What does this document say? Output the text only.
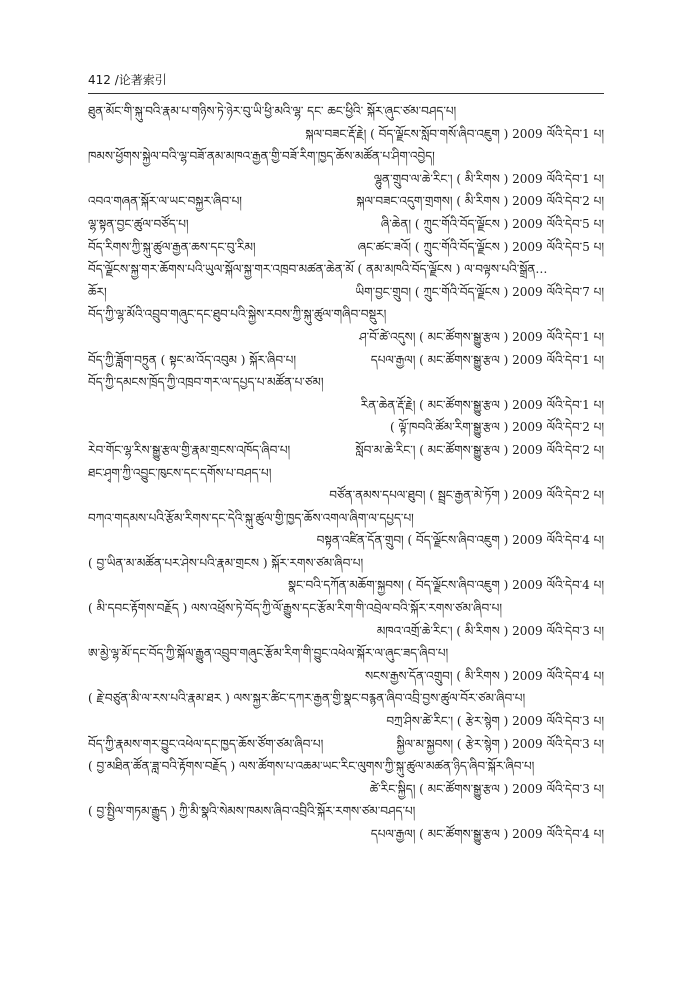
412 /论著索引
ཐུན་མོང་གི་སྐུ་བའི་རྣམ་པ་གཉིས་ཏེ་ཉེར་བུ་ཡི་ཕྱི་མའི་ལྷ་ དང་ ཆང་ཕྱིའི་ སྐོར་ཞུང་ཙམ་བཤད་པ།
སྐལ་བཟང་རྡོ་རྗེ། ( བོད་ལྗོངས་སློབ་གསོ་ཞིབ་འཇུག ) 2009 ལོའི་དེབ་1 པ།
ཁམས་ཕྱོགས་སྐྱེལ་བའི་ལྷ་བཟོ་ནམ་མཁའ་རྒྱན་གྱི་བཟོ་རིག་ཁྱད་ཆོས་མཚོན་པ་ཤིག་འབྱེད།
ལྷུན་གྲུབ་ལ་ཆེ་རིང་། ( མི་རིགས ) 2009 ལོའི་དེབ་1 པ།
འབའ་གཞན་སྐོར་ལ་ཡང་བསྐྱར་ཞིབ་པ།	སྐལ་བཟང་འདུག་གྲགས། ( མི་རིགས ) 2009 ལོའི་དེབ་2 པ།
ལྷ་སྟན་བྱང་ཚུལ་བཙོད་པ།	ཞི་ཆེན། ( ཀྲུང་གོའི་བོད་ལྗོངས ) 2009 ལོའི་དེབ་5 པ།
བོད་རིགས་ཀྱི་སྐུ་ཚུལ་རྒྱན་ཆས་དང་བུ་རིམ།	ཞང་ཚང་ཟའོ། ( ཀྲུང་གོའི་བོད་ལྗོངས ) 2009 ལོའི་དེབ་5 པ།
བོད་ལྗོངས་སྐྱ་གར་ཆོགས་པའི་ཡུལ་སྐོལ་སྐྱ་གར་འཁྲབ་མཚན་ཆེན་མོ ( ནམ་མཁའི་བོད་ལྗོངས ) ལ་བལྟས་པའི་སྒྲོན…
ཆོར།	ཡིག་བྱང་གྲུབ། ( ཀྲུང་གོའི་བོད་ལྗོངས ) 2009 ལོའི་དེབ་7 པ།
བོད་ཀྱི་ལྷ་མོའི་འབྲུབ་གཞུང་དང་ཐུབ་པའི་སྐྱེས་རབས་ཀྱི་སྐུ་ཚུལ་གཞིབ་བསྡུར།
ཤ་བོ་ཚེ་འདུས། ( མང་ཚོགས་སྒྱུ་རྩལ ) 2009 ལོའི་དེབ་1 པ།
བོད་ཀྱི་ཟློག་བཏྲུན ( སྟང་མ་འོད་འབུམ ) སྐོར་ཞིབ་པ།	དཔལ་རྒྱལ། ( མང་ཚོགས་སྒྱུ་རྩལ ) 2009 ལོའི་དེབ་1 པ།
བོད་ཀྱི་དམངས་ཁྲོད་ཀྱི་འཁྲབ་གར་ལ་དཔྱད་པ་མཚོན་པ་ཙམ།
རིན་ཆེན་རྡོ་རྗེ། ( མང་ཚོགས་སྒྱུ་རྩལ ) 2009 ལོའི་དེབ་1 པ།
( ལྟོ་ཁབའི་ཚོམ་རིག་སྒྱུ་རྩལ ) 2009 ལོའི་དེབ་2 པ།
རེབ་གོང་ལྷ་རིས་སྒྱུ་རྩལ་གྱི་རྣམ་གྲངས་འཁོད་ཞིབ་པ།	སློབ་མ་ཆེ་རིང་། ( མང་ཚོགས་སྒྱུ་རྩལ ) 2009 ལོའི་དེབ་2 པ།
ཐང་ཤྭག་ཀྱི་འབྱུང་ཁུངས་དང་དགོས་པ་བཤད་པ།
བཙོན་ནམས་དཔལ་ཐུབ། ( སྦྲང་རྒྱན་མེ་ཏོག ) 2009 ལོའི་དེབ་2 པ།
བཀའ་གདམས་པའི་རྩོམ་རིགས་དང་དེའི་སྐུ་ཚུལ་གྱི་ཁྱད་ཆོས་འགལ་ཞིག་ལ་དཔྱད་པ།
བསྟན་འཛིན་དོན་གྲུབ། ( བོད་ལྗོངས་ཞིབ་འཇུག ) 2009 ལོའི་དེབ་4 པ།
( བྱ་ཡིན་མ་མཚོན་པར་ཤེས་པའི་རྣམ་གྲངས ) སྐོར་རགས་ཙམ་ཞིབ་པ།
སྣང་བའི་དཀོན་མཆོག་སྐྱབས། ( བོད་ལྗོངས་ཞིབ་འཇུག ) 2009 ལོའི་དེབ་4 པ།
( མི་དབང་རྟོགས་བརྗོད ) ལས་འཕྲོས་ཏེ་བོད་ཀྱི་ལོ་རྒྱུས་དང་རྩོམ་རིག་གི་འབྲེལ་བའི་སྐོར་རགས་ཙམ་ཞིབ་པ།
མཁའ་འགྲོ་ཆེ་རིང་། ( མི་རིགས ) 2009 ལོའི་དེབ་3 པ།
ཨ་མྱེ་ལྷ་མོ་དང་བོད་ཀྱི་སྐོལ་རྒྱུན་འབྲུབ་གཞུང་རྩོམ་རིག་གི་བྱུང་འཕེལ་སྐོར་ལ་ཞུང་ཟད་ཞིབ་པ།
སངས་རྒྱས་དོན་འགྲུབ། ( མི་རིགས ) 2009 ལོའི་དེབ་4 པ།
( རྗེ་བཙུན་མི་ལ་རས་པའི་རྣམ་ཐར ) ལས་སྐྱར་ཚིང་དཀར་རྒྱན་གྱི་སྣང་བརྙན་ཞིབ་འབྲི་བྱས་ཚུལ་བོར་ཙམ་ཞིབ་པ།
བཀྲ་ཤིས་ཚེ་རིང་། ( རྩེར་སྙེག ) 2009 ལོའི་དེབ་3 པ།
བོད་ཀྱི་རྣམས་གར་བྱུང་འཕེལ་དང་ཁྱད་ཆོས་ཙོག་ཙམ་ཞིབ་པ།	སྐྱིལ་མ་སྐྱབས། ( རྩེར་སྙེག ) 2009 ལོའི་དེབ་3 པ།
( བྱ་མཐིན་ཚོན་ཟླ་བའི་རྟོགས་བརྗོད ) ལས་ཚོགས་པ་འཆམ་ཡང་རིང་ལུགས་ཀྱི་སྐུ་ཚུལ་མཚན་ཉིད་ཞིབ་སྐོར་ཞིབ་པ།
ཚེ་རིང་སྐྱིད། ( མང་ཚོགས་སྒྱུ་རྩལ ) 2009 ལོའི་དེབ་3 པ།
( བྱ་སྤྱིལ་གཏམ་རྒྱུད ) ཀྱི་མི་སྣའི་སེམས་ཁམས་ཞིབ་འབྲིའི་སྐོར་རགས་ཙམ་བཤད་པ།
དཔལ་རྒྱལ། ( མང་ཚོགས་སྒྱུ་རྩལ ) 2009 ལོའི་དེབ་4 པ།
